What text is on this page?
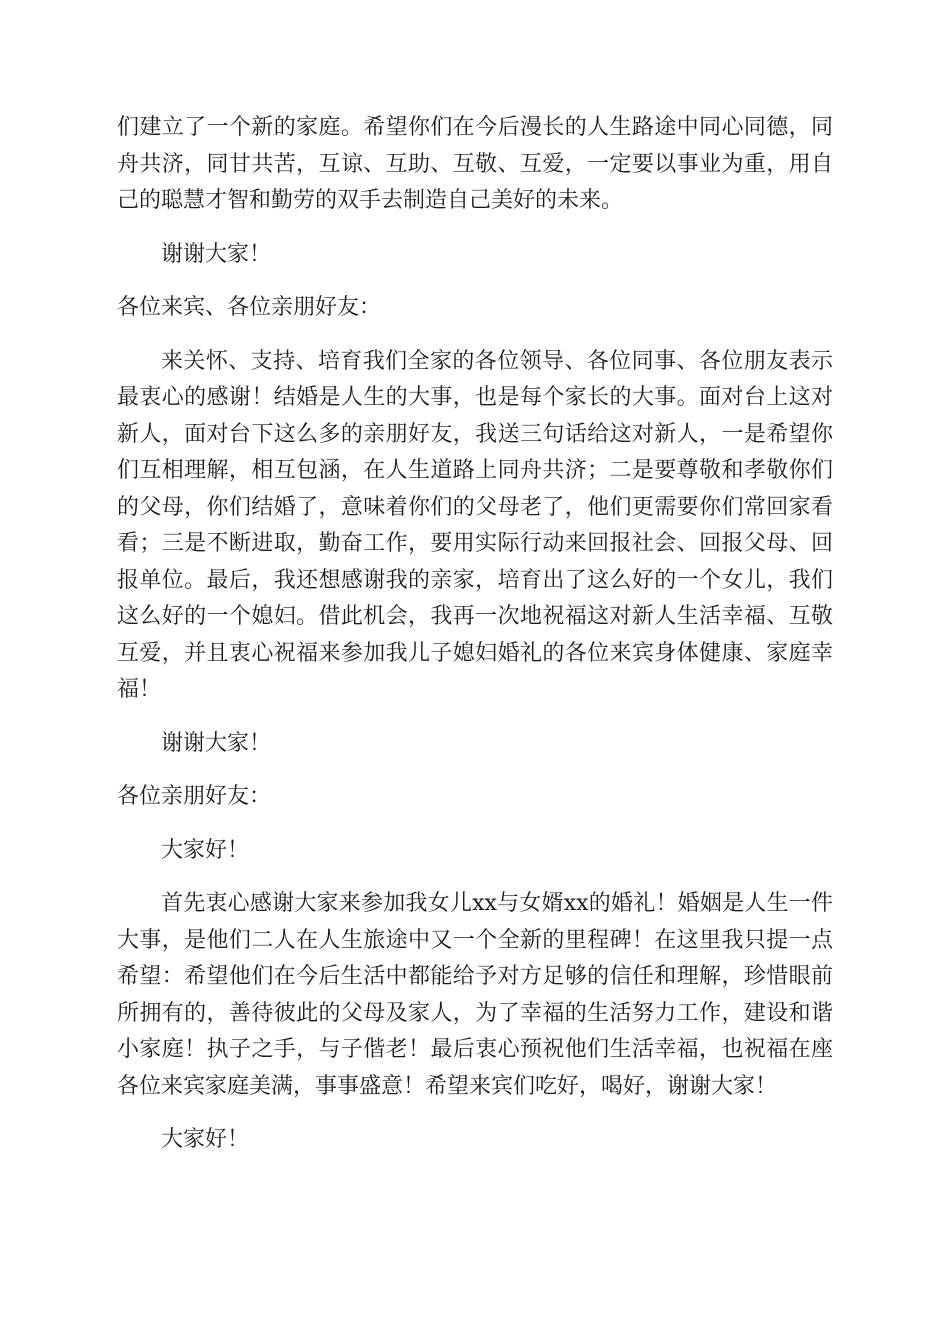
们建立了一个新的家庭。希望你们在今后漫长的人生路途中同心同德，同舟共济，同甘共苦，互谅、互助、互敬、互爱，一定要以事业为重，用自己的聪慧才智和勤劳的双手去制造自己美好的未来。

谢谢大家！

各位来宾、各位亲朋好友：

来关怀、支持、培育我们全家的各位领导、各位同事、各位朋友表示最衷心的感谢！结婚是人生的大事，也是每个家长的大事。面对台上这对新人，面对台下这么多的亲朋好友，我送三句话给这对新人，一是希望你们互相理解，相互包涵，在人生道路上同舟共济；二是要尊敬和孝敬你们的父母，你们结婚了，意味着你们的父母老了，他们更需要你们常回家看看；三是不断进取，勤奋工作，要用实际行动来回报社会、回报父母、回报单位。最后，我还想感谢我的亲家，培育出了这么好的一个女儿，我们这么好的一个媳妇。借此机会，我再一次地祝福这对新人生活幸福、互敬互爱，并且衷心祝福来参加我儿子媳妇婚礼的各位来宾身体健康、家庭幸福！

谢谢大家！

各位亲朋好友：

大家好！

首先衷心感谢大家来参加我女儿xx与女婿xx的婚礼！婚姻是人生一件大事，是他们二人在人生旅途中又一个全新的里程碑！在这里我只提一点希望：希望他们在今后生活中都能给予对方足够的信任和理解，珍惜眼前所拥有的，善待彼此的父母及家人，为了幸福的生活努力工作，建设和谐小家庭！执子之手，与子偕老！最后衷心预祝他们生活幸福，也祝福在座各位来宾家庭美满，事事盛意！希望来宾们吃好，喝好，谢谢大家！

大家好！
